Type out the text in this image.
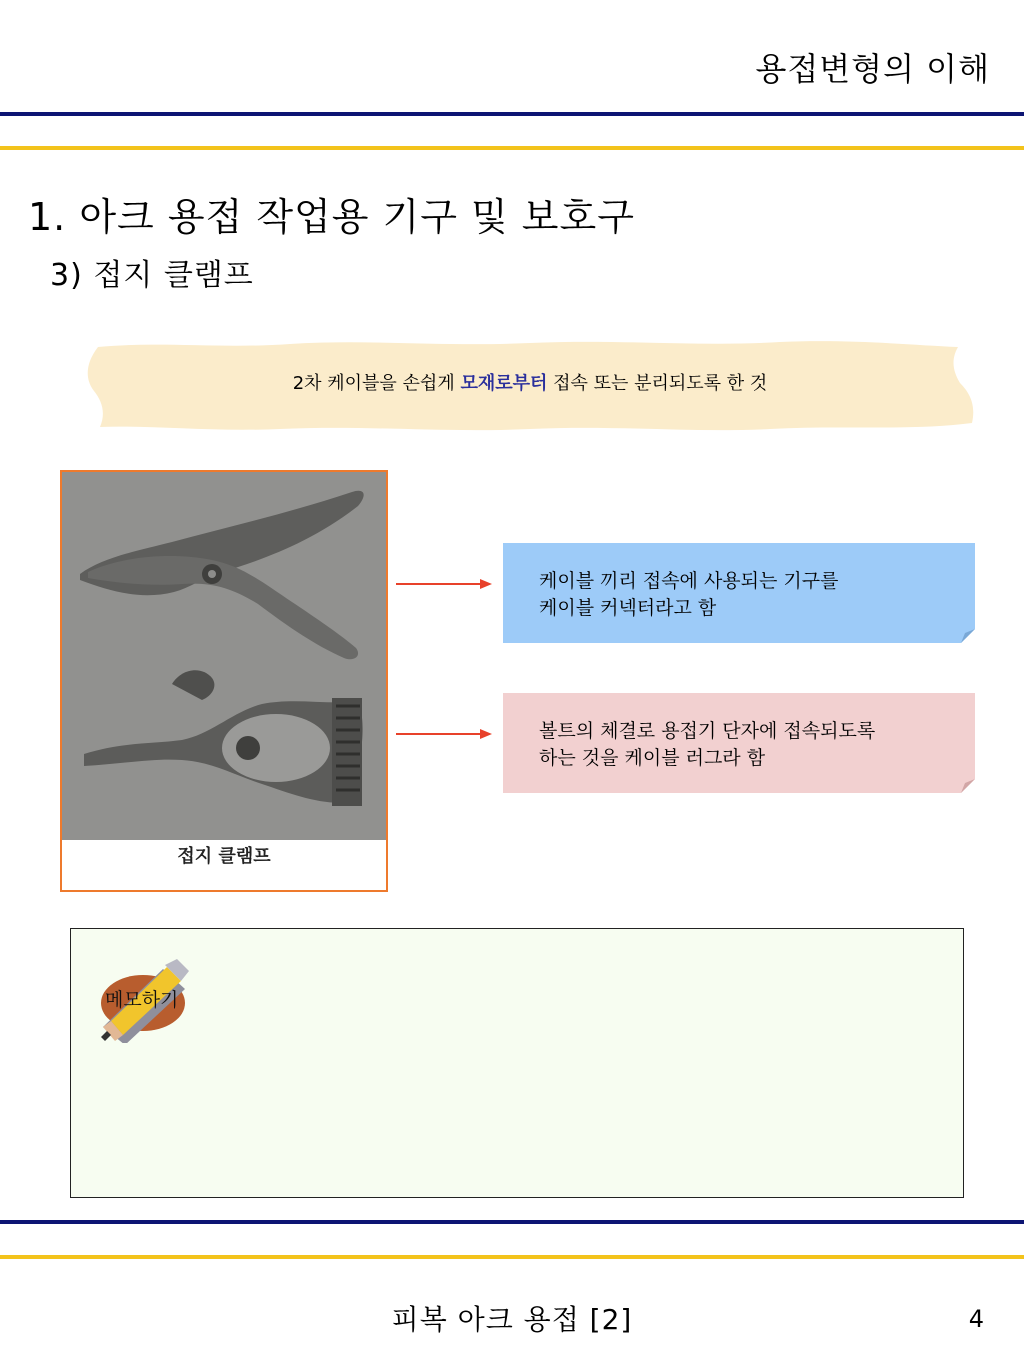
용접변형의 이해
1. 아크 용접 작업용 기구 및 보호구
3) 접지 클램프
2차 케이블을 손쉽게 모재로부터 접속 또는 분리되도록 한 것
접지 클램프
케이블 끼리 접속에 사용되는 기구를
케이블 커넥터라고 함
볼트의 체결로 용접기 단자에 접속되도록
하는 것을 케이블 러그라 함
메모하기
피복 아크 용접 [2]	4
